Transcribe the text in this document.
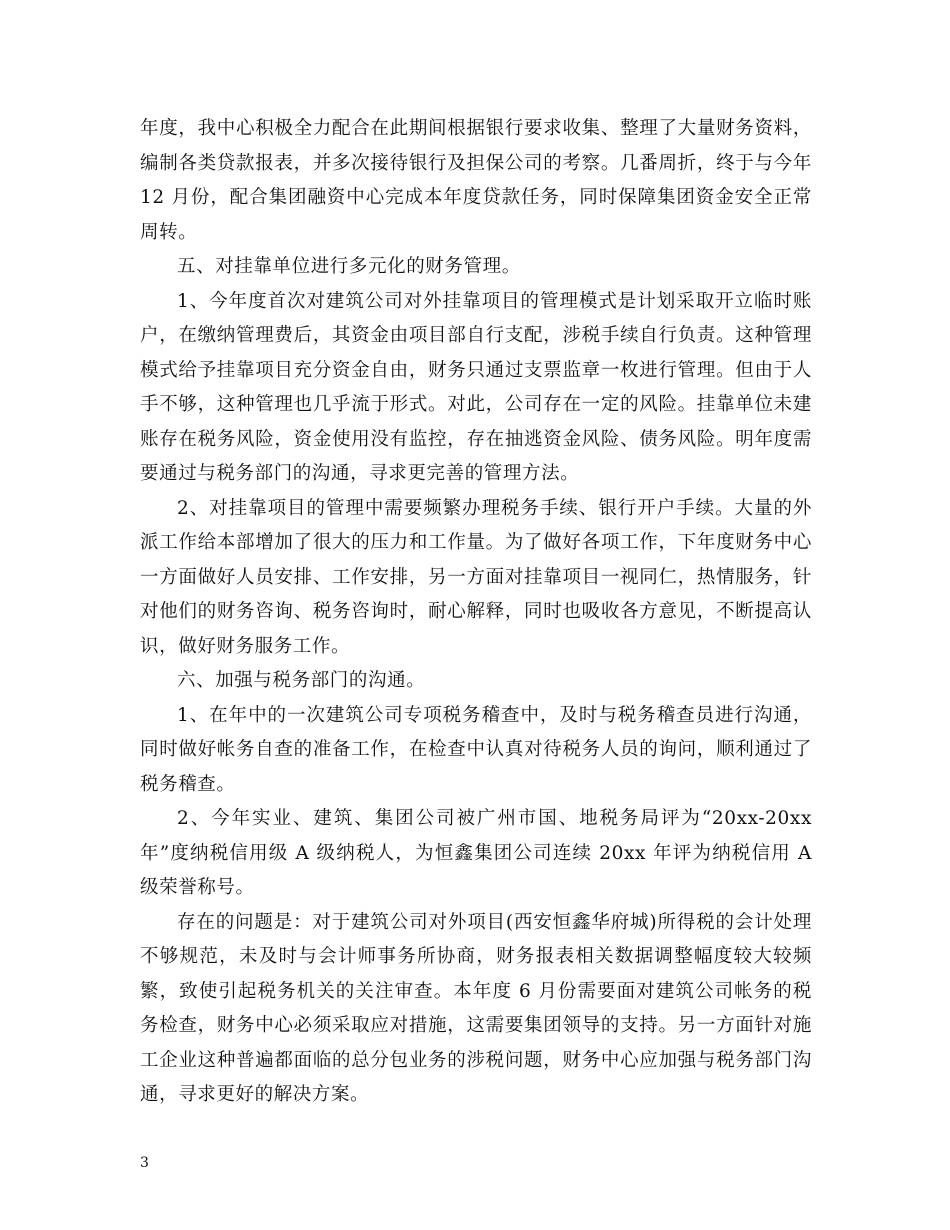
年度，我中心积极全力配合在此期间根据银行要求收集、整理了大量财务资料，编制各类贷款报表，并多次接待银行及担保公司的考察。几番周折，终于与今年 12 月份，配合集团融资中心完成本年度贷款任务，同时保障集团资金安全正常周转。

五、对挂靠单位进行多元化的财务管理。

1、今年度首次对建筑公司对外挂靠项目的管理模式是计划采取开立临时账户，在缴纳管理费后，其资金由项目部自行支配，涉税手续自行负责。这种管理模式给予挂靠项目充分资金自由，财务只通过支票监章一枚进行管理。但由于人手不够，这种管理也几乎流于形式。对此，公司存在一定的风险。挂靠单位未建账存在税务风险，资金使用没有监控，存在抽逃资金风险、债务风险。明年度需要通过与税务部门的沟通，寻求更完善的管理方法。

2、对挂靠项目的管理中需要频繁办理税务手续、银行开户手续。大量的外派工作给本部增加了很大的压力和工作量。为了做好各项工作，下年度财务中心一方面做好人员安排、工作安排，另一方面对挂靠项目一视同仁，热情服务，针对他们的财务咨询、税务咨询时，耐心解释，同时也吸收各方意见，不断提高认识，做好财务服务工作。

六、加强与税务部门的沟通。

1、在年中的一次建筑公司专项税务稽查中，及时与税务稽查员进行沟通，同时做好帐务自查的准备工作，在检查中认真对待税务人员的询问，顺利通过了税务稽查。

2、今年实业、建筑、集团公司被广州市国、地税务局评为“20xx-20xx 年”度纳税信用级 A 级纳税人，为恒鑫集团公司连续 20xx 年评为纳税信用 A 级荣誉称号。

存在的问题是：对于建筑公司对外项目(西安恒鑫华府城)所得税的会计处理不够规范，未及时与会计师事务所协商，财务报表相关数据调整幅度较大较频繁，致使引起税务机关的关注审查。本年度 6 月份需要面对建筑公司帐务的税务检查，财务中心必须采取应对措施，这需要集团领导的支持。另一方面针对施工企业这种普遍都面临的总分包业务的涉税问题，财务中心应加强与税务部门沟通，寻求更好的解决方案。

3
